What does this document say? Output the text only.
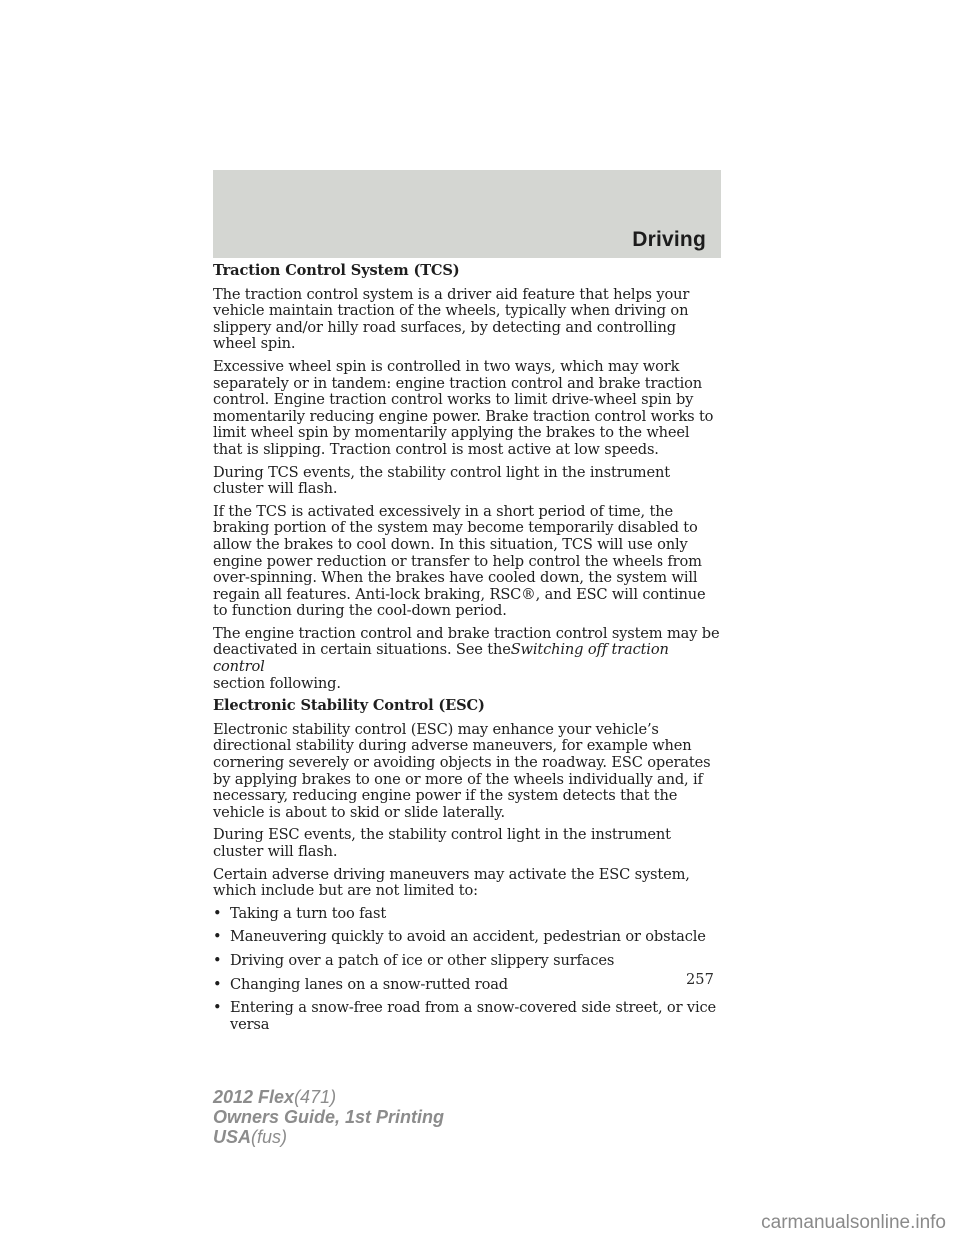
Driving
Traction Control System (TCS)

The traction control system is a driver aid feature that helps your vehicle maintain traction of the wheels, typically when driving on slippery and/or hilly road surfaces, by detecting and controlling wheel spin.

Excessive wheel spin is controlled in two ways, which may work separately or in tandem: engine traction control and brake traction control. Engine traction control works to limit drive-wheel spin by momentarily reducing engine power. Brake traction control works to limit wheel spin by momentarily applying the brakes to the wheel that is slipping. Traction control is most active at low speeds.

During TCS events, the stability control light in the instrument cluster will flash.

If the TCS is activated excessively in a short period of time, the braking portion of the system may become temporarily disabled to allow the brakes to cool down. In this situation, TCS will use only engine power reduction or transfer to help control the wheels from over-spinning. When the brakes have cooled down, the system will regain all features. Anti-lock braking, RSC®, and ESC will continue to function during the cool-down period.

The engine traction control and brake traction control system may be deactivated in certain situations. See theSwitching off traction control
section following.

Electronic Stability Control (ESC)

Electronic stability control (ESC) may enhance your vehicle’s directional stability during adverse maneuvers, for example when cornering severely or avoiding objects in the roadway. ESC operates by applying brakes to one or more of the wheels individually and, if necessary, reducing engine power if the system detects that the vehicle is about to skid or slide laterally.

During ESC events, the stability control light in the instrument cluster will flash.

Certain adverse driving maneuvers may activate the ESC system, which include but are not limited to:

• Taking a turn too fast
• Maneuvering quickly to avoid an accident, pedestrian or obstacle
• Driving over a patch of ice or other slippery surfaces
• Changing lanes on a snow-rutted road
• Entering a snow-free road from a snow-covered side street, or vice versa
257
2012 Flex(471)
Owners Guide, 1st Printing
USA(fus)
carmanualsonline.info
